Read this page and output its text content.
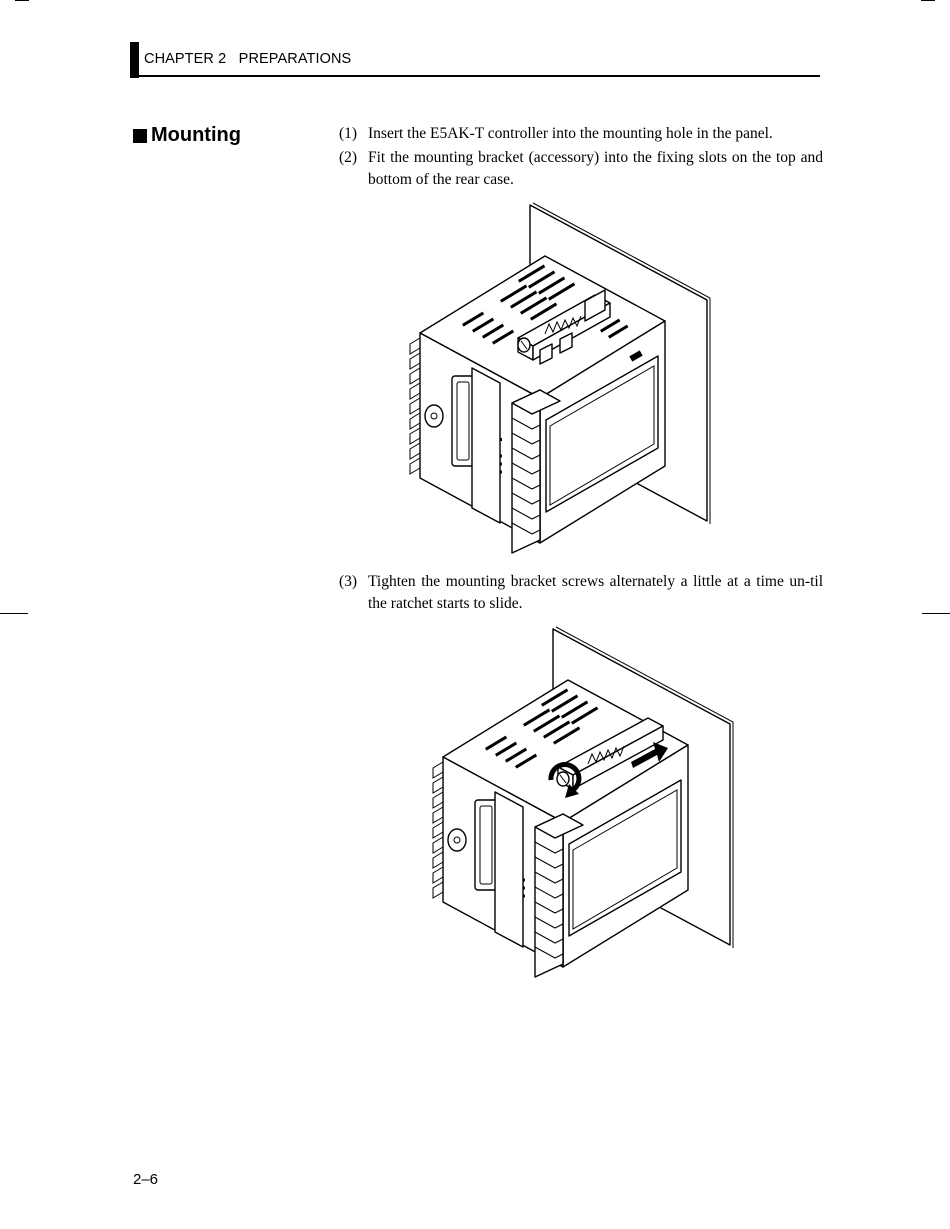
CHAPTER 2 PREPARATIONS
Mounting	(1) Insert the E5AK-T controller into the mounting hole in the panel.
(2) Fit the mounting bracket (accessory) into the fixing slots on the top and bottom of the rear case.
(3) Tighten the mounting bracket screws alternately a little at a time un-til the ratchet starts to slide.
2–6
